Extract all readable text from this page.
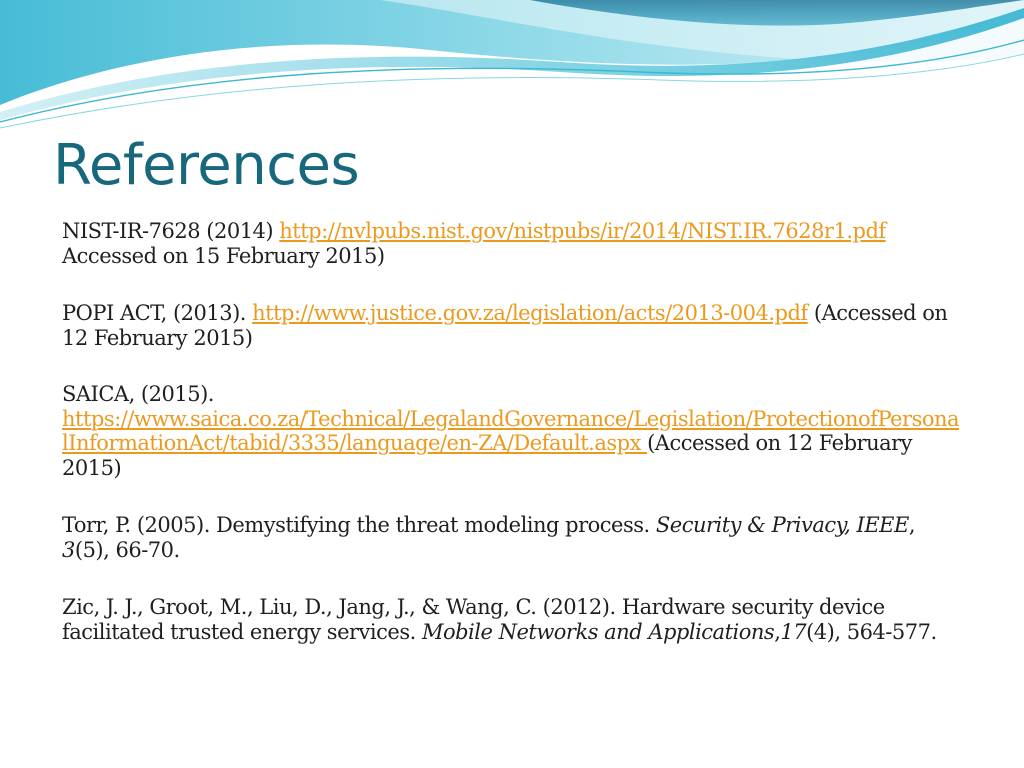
References

NIST-IR-7628 (2014) http://nvlpubs.nist.gov/nistpubs/ir/2014/NIST.IR.7628r1.pdf
Accessed on 15 February 2015)

POPI ACT, (2013). http://www.justice.gov.za/legislation/acts/2013-004.pdf (Accessed on 12 February 2015)

SAICA, (2015).
https://www.saica.co.za/Technical/LegalandGovernance/Legislation/ProtectionofPersonalInformationAct/tabid/3335/language/en-ZA/Default.aspx (Accessed on 12 February 2015)

Torr, P. (2005). Demystifying the threat modeling process. Security & Privacy, IEEE, 3(5), 66-70.

Zic, J. J., Groot, M., Liu, D., Jang, J., & Wang, C. (2012). Hardware security device facilitated trusted energy services. Mobile Networks and Applications,17(4), 564-577.
